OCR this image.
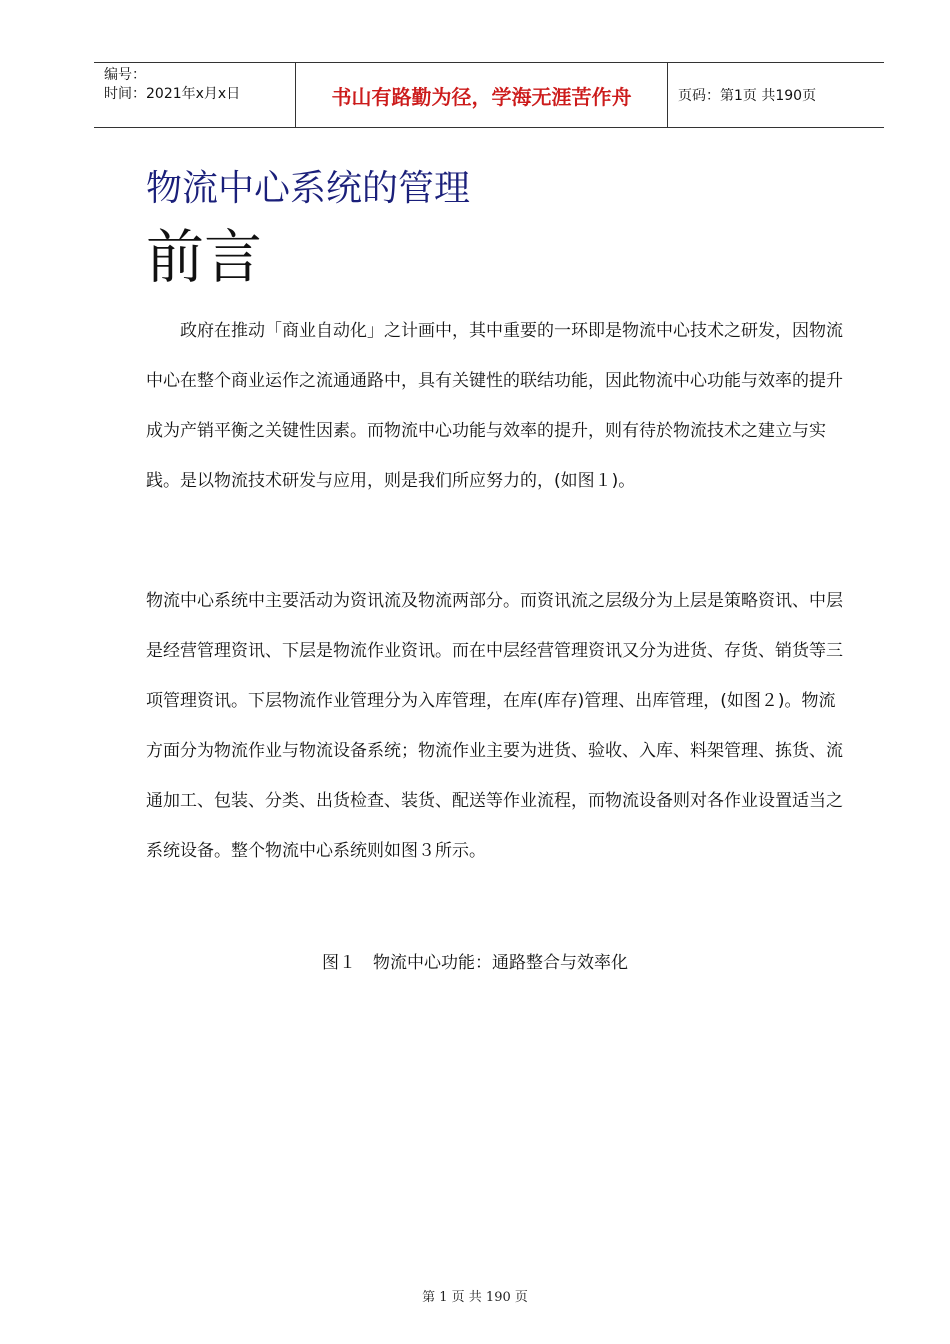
编号：
时间：2021年x月x日	书山有路勤为径，学海无涯苦作舟	页码：第1页 共190页
物流中心系统的管理
前言

政府在推动「商业自动化」之计画中，其中重要的一环即是物流中心技术之研发，因物流中心在整个商业运作之流通通路中，具有关键性的联结功能，因此物流中心功能与效率的提升成为产销平衡之关键性因素。而物流中心功能与效率的提升，则有待於物流技术之建立与实践。是以物流技术研发与应用，则是我们所应努力的，(如图１)。

物流中心系统中主要活动为资讯流及物流两部分。而资讯流之层级分为上层是策略资讯、中层是经营管理资讯、下层是物流作业资讯。而在中层经营管理资讯又分为进货、存货、销货等三项管理资讯。下层物流作业管理分为入库管理，在库(库存)管理、出库管理，(如图２)。物流方面分为物流作业与物流设备系统；物流作业主要为进货、验收、入库、料架管理、拣货、流通加工、包装、分类、出货检查、装货、配送等作业流程，而物流设备则对各作业设置适当之系统设备。整个物流中心系统则如图３所示。

图１　物流中心功能：通路整合与效率化

第 1 页 共 190 页
